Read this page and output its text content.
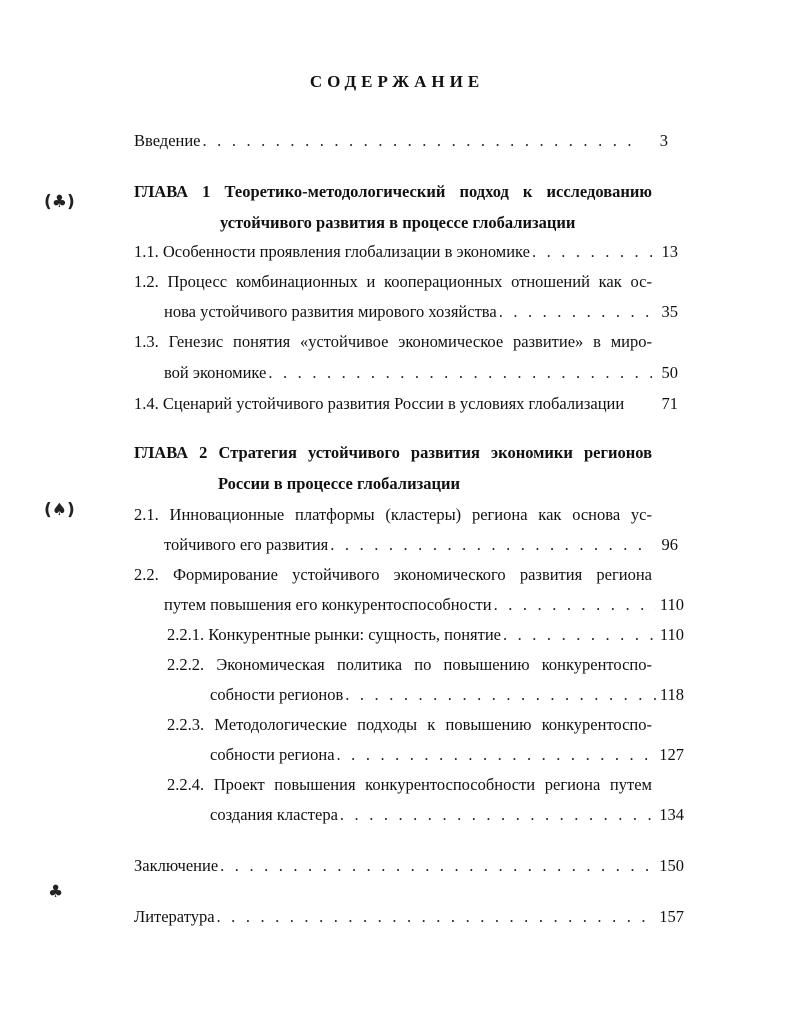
СОДЕРЖАНИЕ
(♣)
(♠)
♣
Введение . . .	3
ГЛАВА 1 Теоретико-методологический подход к исследованию
устойчивого развития в процессе глобализации
1.1. Особенности проявления глобализации в экономике . . .	13
1.2. Процесс комбинационных и кооперационных отношений как ос-
нова устойчивого развития мирового хозяйства . . .	35
1.3. Генезис понятия «устойчивое экономическое развитие» в миро-
вой экономике . . .	50
1.4. Сценарий устойчивого развития России в условиях глобализации 71
ГЛАВА 2 Стратегия устойчивого развития экономики регионов
России в процессе глобализации
2.1. Инновационные платформы (кластеры) региона как основа ус-
тойчивого его развития . . .	96
2.2. Формирование устойчивого экономического развития региона
путем повышения его конкурентоспособности . . .	110
2.2.1. Конкурентные рынки: сущность, понятие . . .	110
2.2.2. Экономическая политика по повышению конкурентоспо-
собности регионов . . .	118
2.2.3. Методологические подходы к повышению конкурентоспо-
собности региона . . .	127
2.2.4. Проект повышения конкурентоспособности региона путем
создания кластера . . .	134
Заключение . . .	150
Литература . . .	157
